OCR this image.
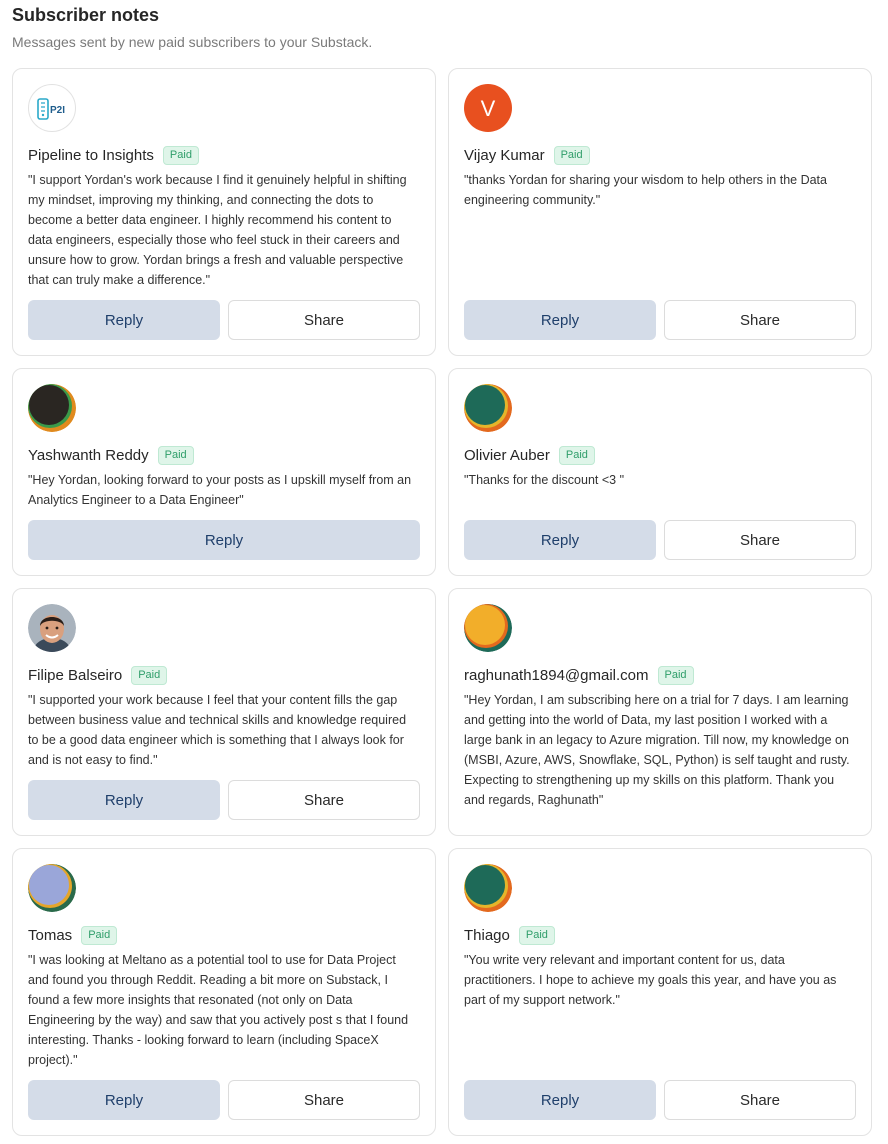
Subscriber notes
Messages sent by new paid subscribers to your Substack.
P2I
Pipeline to Insights	Paid
"I support Yordan's work because I find it genuinely helpful in shifting my mindset, improving my thinking, and connecting the dots to become a better data engineer. I highly recommend his content to data engineers, especially those who feel stuck in their careers and unsure how to grow. Yordan brings a fresh and valuable perspective that can truly make a difference."
Reply	Share
V
Vijay Kumar	Paid
"thanks Yordan for sharing your wisdom to help others in the Data engineering community."
Reply	Share
Yashwanth Reddy	Paid
"Hey Yordan, looking forward to your posts as I upskill myself from an Analytics Engineer to a Data Engineer"
Reply
Olivier Auber	Paid
"Thanks for the discount <3 "
Reply	Share
Filipe Balseiro	Paid
"I supported your work because I feel that your content fills the gap between business value and technical skills and knowledge required to be a good data engineer which is something that I always look for and is not easy to find."
Reply	Share
raghunath1894@gmail.com	Paid
"Hey Yordan, I am subscribing here on a trial for 7 days. I am learning and getting into the world of Data, my last position I worked with a large bank in an legacy to Azure migration. Till now, my knowledge on (MSBI, Azure, AWS, Snowflake, SQL, Python) is self taught and rusty. Expecting to strengthening up my skills on this platform. Thank you and regards, Raghunath"
Tomas	Paid
"I was looking at Meltano as a potential tool to use for Data Project and found you through Reddit. Reading a bit more on Substack, I found a few more insights that resonated (not only on Data Engineering by the way) and saw that you actively post s that I found interesting. Thanks - looking forward to learn (including SpaceX project)."
Reply	Share
Thiago	Paid
"You write very relevant and important content for us, data practitioners. I hope to achieve my goals this year, and have you as part of my support network."
Reply	Share
